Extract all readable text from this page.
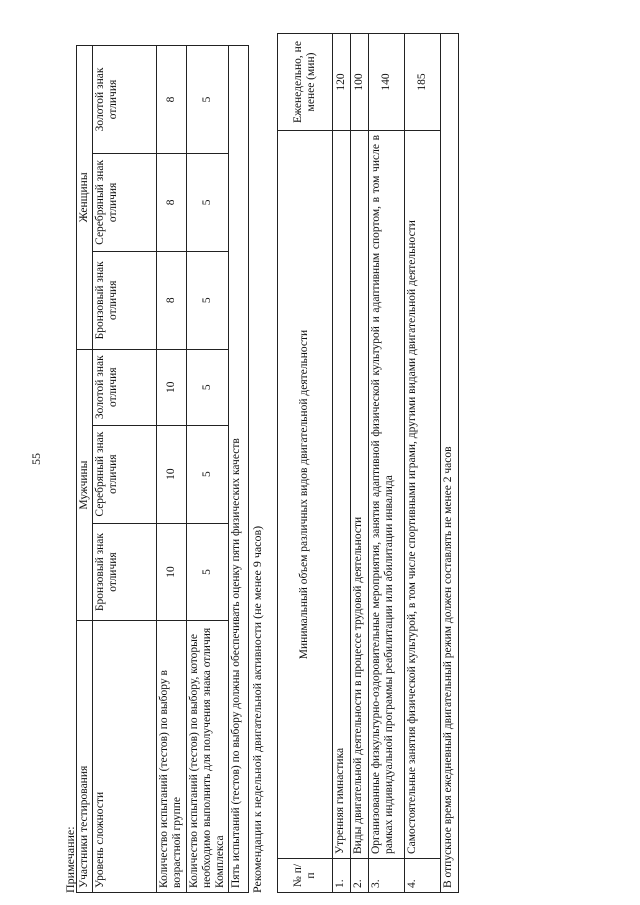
55
Примечание: Участники тестирования	Мужчины			Женщины		
Уровень сложности	Бронзовый знак отличия	Серебряный знак отличия	Золотой знак отличия	Бронзовый знак отличия	Серебряный знак отличия	Золотой знак отличия
Количество испытаний (тестов) по выбору в возрастной группе	10	10	10	8	8	8
Количество испытаний (тестов) по выбору, которые необходимо выполнить для получения знака отличия Комплекса	5	5	5	5	5	5
Пять испытаний (тестов) по выбору должны обеспечивать оценку пяти физических качеств						Рекомендации к недельной двигательной активности (не менее 9 часов) № п/п	Минимальный объем различных видов двигательной деятельности	Еженедельно, не менее (мин)
1.	Утренняя гимнастика	120
2.	Виды двигательной деятельности в процессе трудовой деятельности	100
3.	Организованные физкультурно-оздоровительные мероприятия, занятия адаптивной физической культурой и адаптивным спортом, в том числе в рамках индивидуальной программы реабилитации или абилитации инвалида	140
4.	Самостоятельные занятия физической культурой, в том числе спортивными играми, другими видами двигательной деятельности	185
В отпускное время ежедневный двигательный режим должен составлять не менее 2 часов		
